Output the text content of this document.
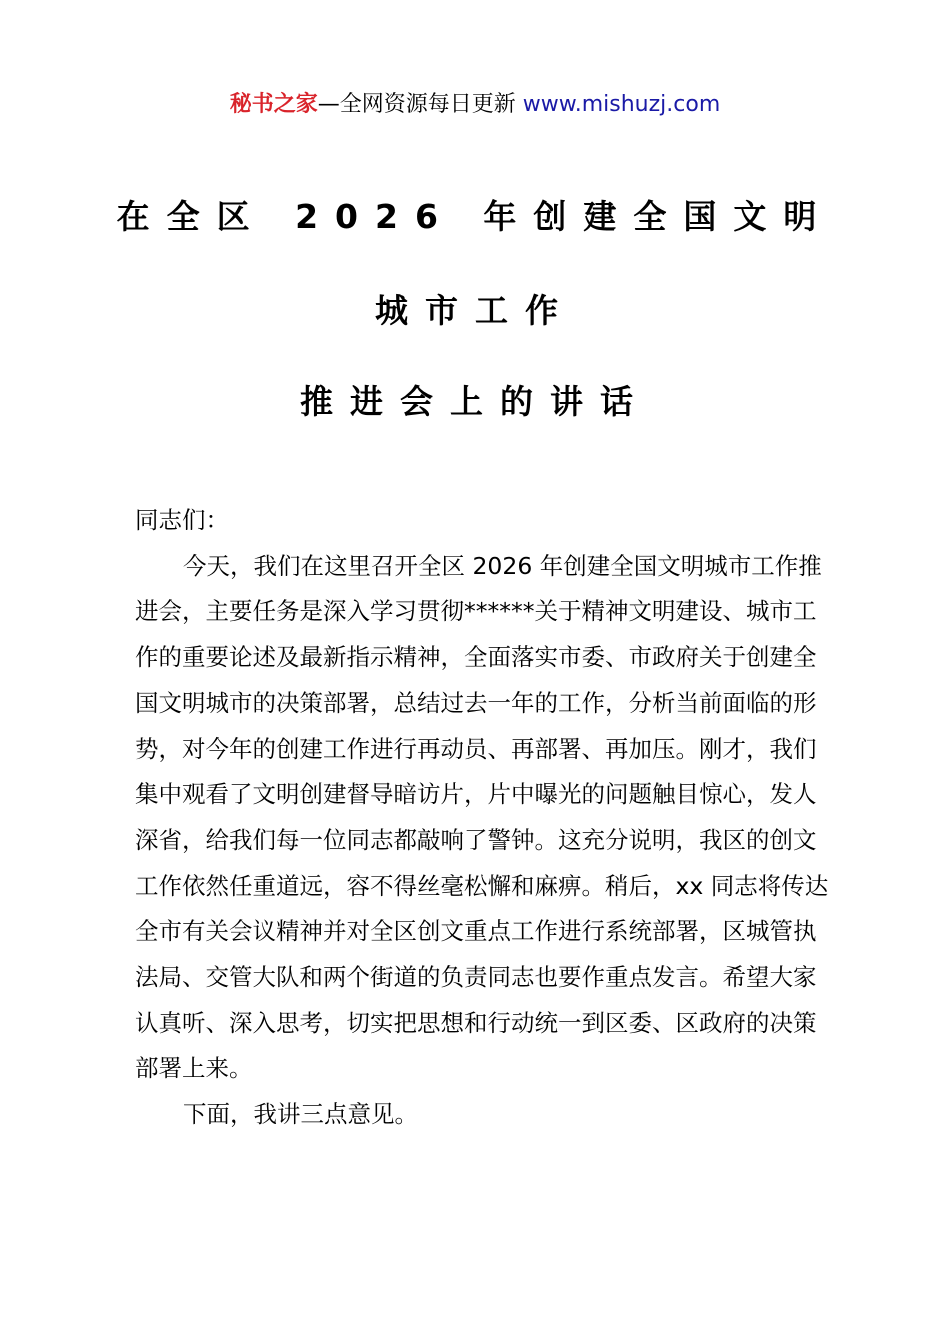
秘书之家—全网资源每日更新 www.mishuzj.com
在全区 2026 年创建全国文明
城市工作
推进会上的讲话

同志们：

今天，我们在这里召开全区 2026 年创建全国文明城市工作推进会，主要任务是深入学习贯彻******关于精神文明建设、城市工作的重要论述及最新指示精神，全面落实市委、市政府关于创建全国文明城市的决策部署，总结过去一年的工作，分析当前面临的形势，对今年的创建工作进行再动员、再部署、再加压。刚才，我们集中观看了文明创建督导暗访片，片中曝光的问题触目惊心，发人深省，给我们每一位同志都敲响了警钟。这充分说明，我区的创文工作依然任重道远，容不得丝毫松懈和麻痹。稍后，xx 同志将传达全市有关会议精神并对全区创文重点工作进行系统部署，区城管执法局、交管大队和两个街道的负责同志也要作重点发言。希望大家认真听、深入思考，切实把思想和行动统一到区委、区政府的决策部署上来。

下面，我讲三点意见。
